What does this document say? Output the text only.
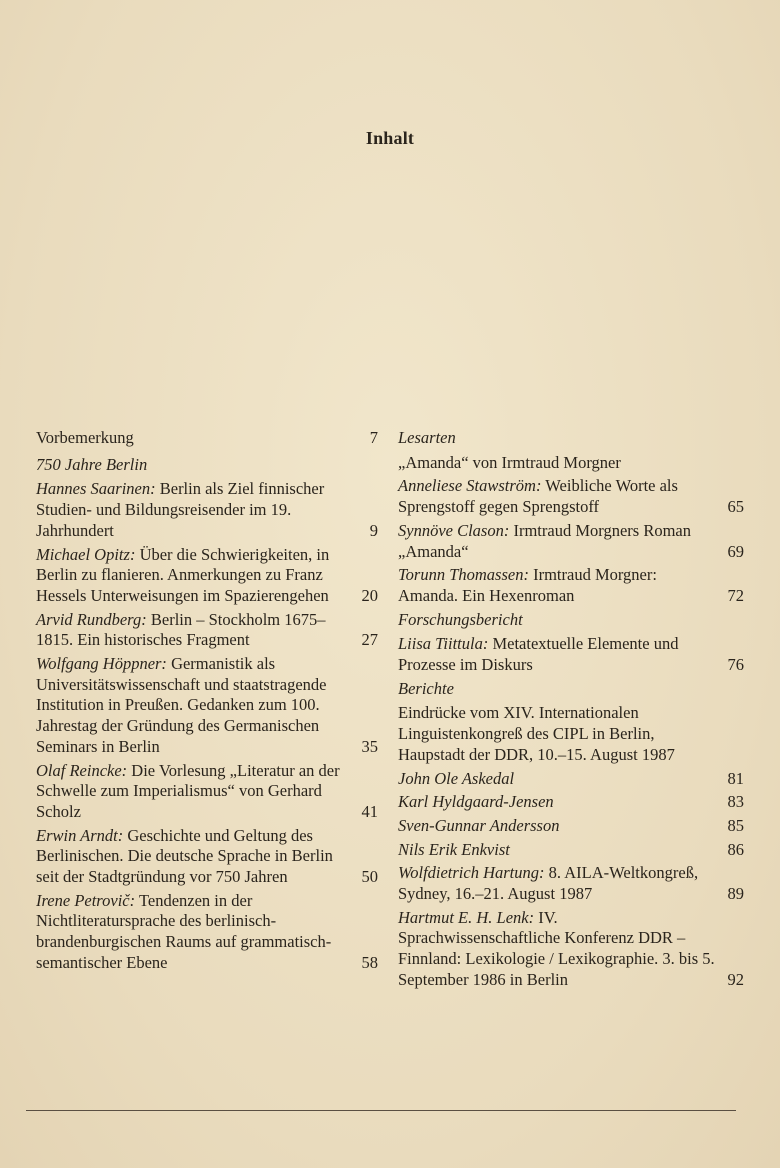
Inhalt
Vorbemerkung	7
750 Jahre Berlin
Hannes Saarinen: Berlin als Ziel finnischer Studien- und Bildungsreisender im 19. Jahrhundert	9
Michael Opitz: Über die Schwierigkeiten, in Berlin zu flanieren. Anmerkungen zu Franz Hessels Unterweisungen im Spazierengehen	20
Arvid Rundberg: Berlin – Stockholm 1675–1815. Ein historisches Fragment	27
Wolfgang Höppner: Germanistik als Universitätswissenschaft und staatstragende Institution in Preußen. Gedanken zum 100. Jahrestag der Gründung des Germanischen Seminars in Berlin	35
Olaf Reincke: Die Vorlesung „Literatur an der Schwelle zum Imperialismus“ von Gerhard Scholz	41
Erwin Arndt: Geschichte und Geltung des Berlinischen. Die deutsche Sprache in Berlin seit der Stadtgründung vor 750 Jahren	50
Irene Petrovič: Tendenzen in der Nichtliteratursprache des berlinisch-brandenburgischen Raums auf grammatisch-semantischer Ebene	58
Lesarten
„Amanda“ von Irmtraud Morgner
Anneliese Stawström: Weibliche Worte als Sprengstoff gegen Sprengstoff	65
Synnöve Clason: Irmtraud Morgners Roman „Amanda“	69
Torunn Thomassen: Irmtraud Morgner: Amanda. Ein Hexenroman	72
Forschungsbericht
Liisa Tiittula: Metatextuelle Elemente und Prozesse im Diskurs	76
Berichte
Eindrücke vom XIV. Internationalen Linguistenkongreß des CIPL in Berlin, Haupstadt der DDR, 10.–15. August 1987
John Ole Askedal	81
Karl Hyldgaard-Jensen	83
Sven-Gunnar Andersson	85
Nils Erik Enkvist	86
Wolfdietrich Hartung: 8. AILA-Weltkongreß, Sydney, 16.–21. August 1987	89
Hartmut E. H. Lenk: IV. Sprachwissenschaftliche Konferenz DDR – Finnland: Lexikologie / Lexikographie. 3. bis 5. September 1986 in Berlin	92
